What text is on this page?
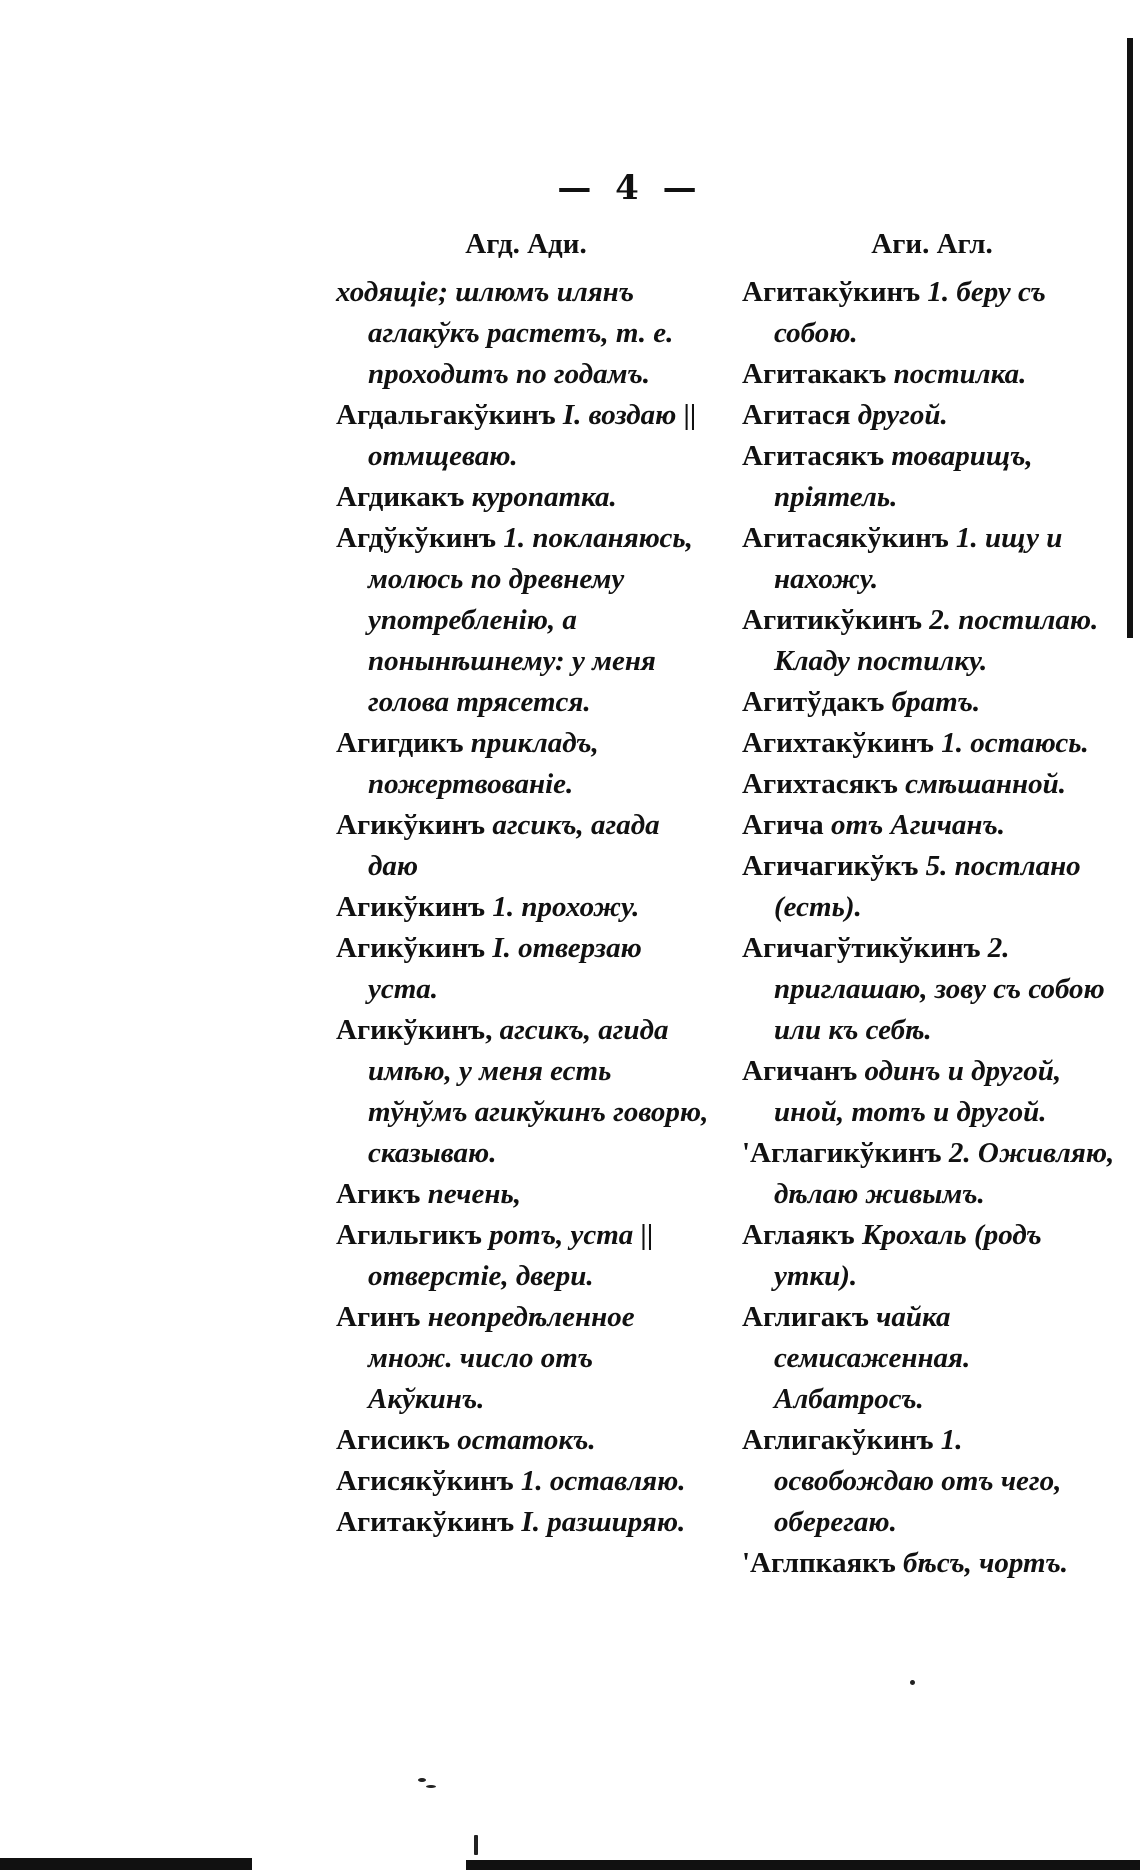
— 4 —
Агд. Ади.

ходящіе; шлюмъ илянъ аглакўкъ растетъ, т. е. проходитъ по годамъ.

Агдальгакўкинъ I. воздаю || отмщеваю.

Агдикакъ куропатка.

Агдўкўкинъ 1. покланяюсь, молюсь по древнему употребленію, а понынѣшнему: у меня голова трясется.

Агигдикъ прикладъ, пожертвованіе.

Агикўкинъ агсикъ, агада даю

Агикўкинъ 1. прохожу.

Агикўкинъ I. отверзаю уста.

Агикўкинъ, агсикъ, агида имѣю, у меня есть тўнўмъ агикўкинъ говорю, сказываю.

Агикъ печень,

Агильгикъ ротъ, уста || отверстіе, двери.

Агинъ неопредѣленное множ. число отъ Акўкинъ.

Агисикъ остатокъ.

Агисякўкинъ 1. оставляю.

Агитакўкинъ I. разширяю.

Аги. Агл.

Агитакўкинъ 1. беру съ собою.

Агитакакъ постилка.

Агитася другой.

Агитасякъ товарищъ, пріятель.

Агитасякўкинъ 1. ищу и нахожу.

Агитикўкинъ 2. постилаю. Кладу постилку.

Агитўдакъ братъ.

Агихтакўкинъ 1. остаюсь.

Агихтасякъ смѣшанной.

Агича отъ Агичанъ.

Агичагикўкъ 5. постлано (есть).

Агичагўтикўкинъ 2. приглашаю, зову съ собою или къ себѣ.

Агичанъ одинъ и другой, иной, тотъ и другой.

'Аглагикўкинъ 2. Оживляю, дѣлаю живымъ.

Аглаякъ Крохаль (родъ утки).

Аглигакъ чайка семисаженная. Албатросъ.

Аглигакўкинъ 1. освобождаю отъ чего, оберегаю.

'Аглпкаякъ бѣсъ, чортъ.
